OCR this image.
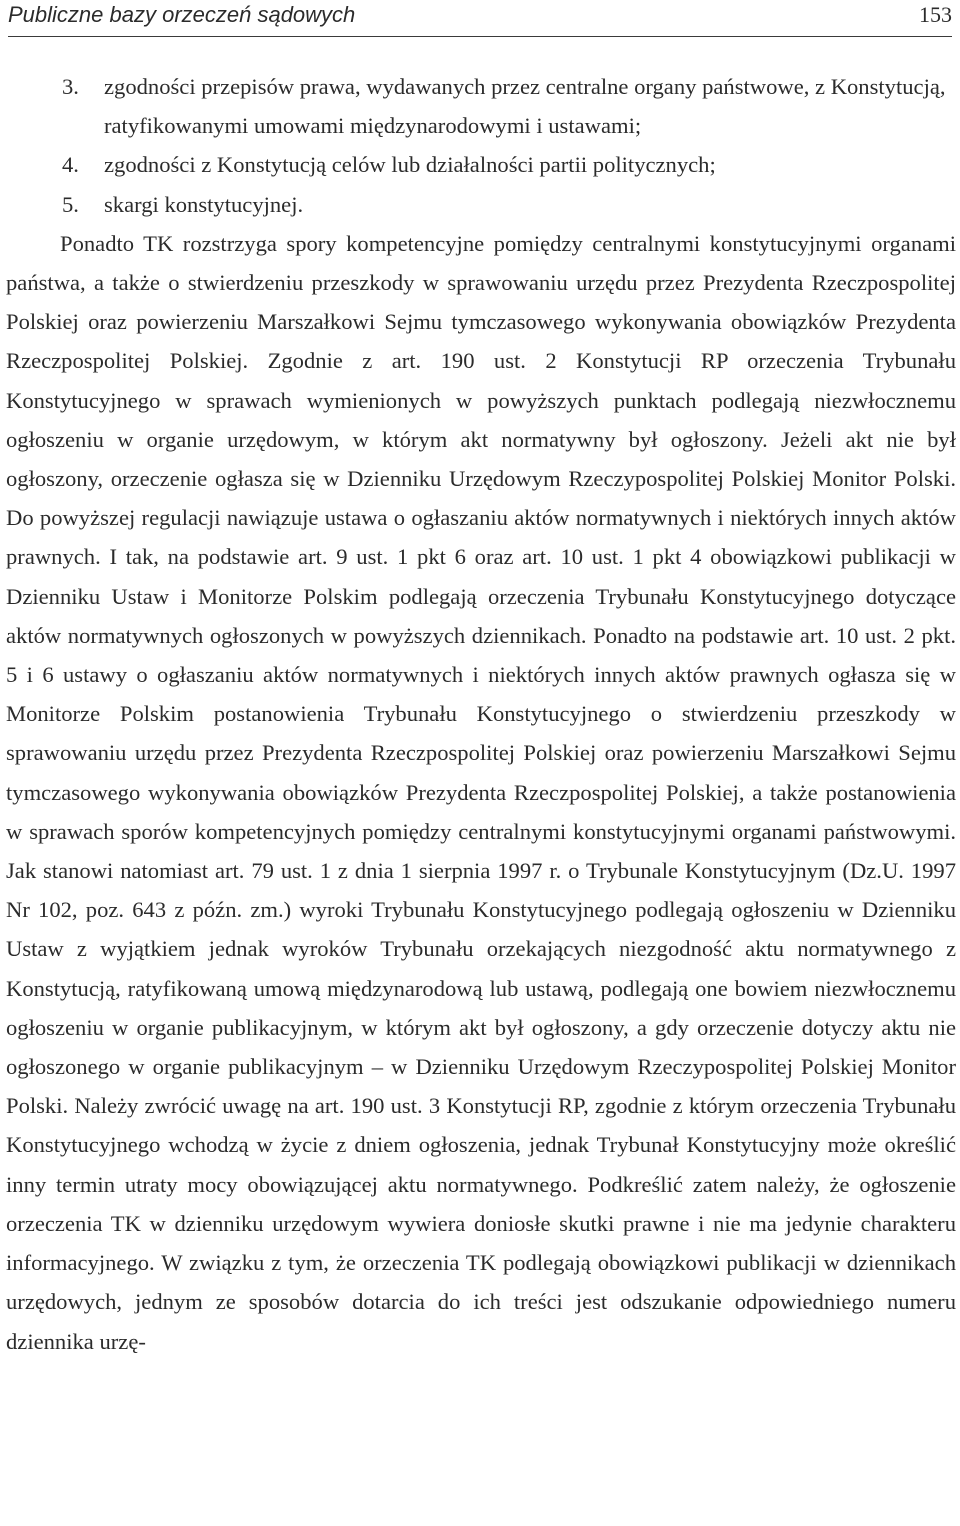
Publiczne bazy orzeczeń sądowych	153
3. zgodności przepisów prawa, wydawanych przez centralne organy państwowe, z Konstytucją, ratyfikowanymi umowami międzynarodowymi i ustawami;
4. zgodności z Konstytucją celów lub działalności partii politycznych;
5. skargi konstytucyjnej.

Ponadto TK rozstrzyga spory kompetencyjne pomiędzy centralnymi konstytucyjnymi organami państwa, a także o stwierdzeniu przeszkody w sprawowaniu urzędu przez Prezydenta Rzeczpospolitej Polskiej oraz powierzeniu Marszałkowi Sejmu tymczasowego wykonywania obowiązków Prezydenta Rzeczpospolitej Polskiej. Zgodnie z art. 190 ust. 2 Konstytucji RP orzeczenia Trybunału Konstytucyjnego w sprawach wymienionych w powyższych punktach podlegają niezwłocznemu ogłoszeniu w organie urzędowym, w którym akt normatywny był ogłoszony. Jeżeli akt nie był ogłoszony, orzeczenie ogłasza się w Dzienniku Urzędowym Rzeczypospolitej Polskiej Monitor Polski. Do powyższej regulacji nawiązuje ustawa o ogłaszaniu aktów normatywnych i niektórych innych aktów prawnych. I tak, na podstawie art. 9 ust. 1 pkt 6 oraz art. 10 ust. 1 pkt 4 obowiązkowi publikacji w Dzienniku Ustaw i Monitorze Polskim podlegają orzeczenia Trybunału Konstytucyjnego dotyczące aktów normatywnych ogłoszonych w powyższych dziennikach. Ponadto na podstawie art. 10 ust. 2 pkt. 5 i 6 ustawy o ogłaszaniu aktów normatywnych i niektórych innych aktów prawnych ogłasza się w Monitorze Polskim postanowienia Trybunału Konstytucyjnego o stwierdzeniu przeszkody w sprawowaniu urzędu przez Prezydenta Rzeczpospolitej Polskiej oraz powierzeniu Marszałkowi Sejmu tymczasowego wykonywania obowiązków Prezydenta Rzeczpospolitej Polskiej, a także postanowienia w sprawach sporów kompetencyjnych pomiędzy centralnymi konstytucyjnymi organami państwowymi. Jak stanowi natomiast art. 79 ust. 1 z dnia 1 sierpnia 1997 r. o Trybunale Konstytucyjnym (Dz.U. 1997 Nr 102, poz. 643 z późn. zm.) wyroki Trybunału Konstytucyjnego podlegają ogłoszeniu w Dzienniku Ustaw z wyjątkiem jednak wyroków Trybunału orzekających niezgodność aktu normatywnego z Konstytucją, ratyfikowaną umową międzynarodową lub ustawą, podlegają one bowiem niezwłocznemu ogłoszeniu w organie publikacyjnym, w którym akt był ogłoszony, a gdy orzeczenie dotyczy aktu nie ogłoszonego w organie publikacyjnym – w Dzienniku Urzędowym Rzeczypospolitej Polskiej Monitor Polski. Należy zwrócić uwagę na art. 190 ust. 3 Konstytucji RP, zgodnie z którym orzeczenia Trybunału Konstytucyjnego wchodzą w życie z dniem ogłoszenia, jednak Trybunał Konstytucyjny może określić inny termin utraty mocy obowiązującej aktu normatywnego. Podkreślić zatem należy, że ogłoszenie orzeczenia TK w dzienniku urzędowym wywiera doniosłe skutki prawne i nie ma jedynie charakteru informacyjnego. W związku z tym, że orzeczenia TK podlegają obowiązkowi publikacji w dziennikach urzędowych, jednym ze sposobów dotarcia do ich treści jest odszukanie odpowiedniego numeru dziennika urzę-
